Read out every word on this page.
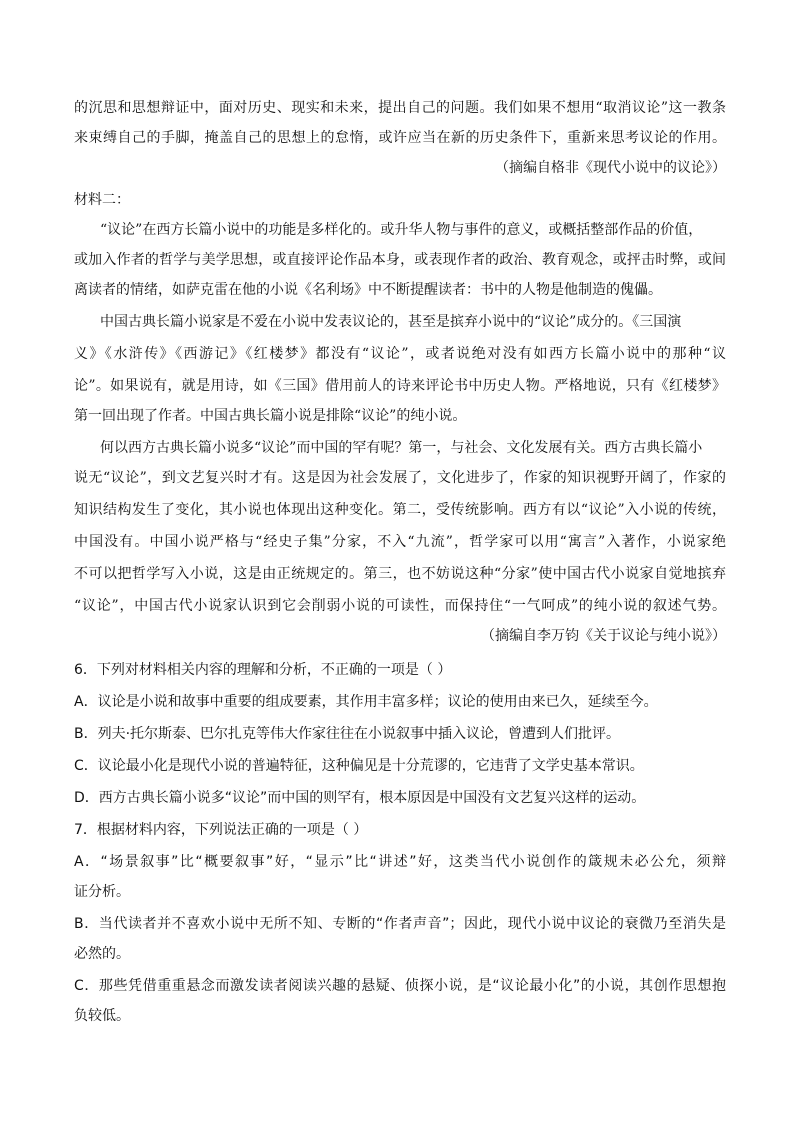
的沉思和思想辩证中，面对历史、现实和未来，提出自己的问题。我们如果不想用“取消议论”这一教条
来束缚自己的手脚，掩盖自己的思想上的怠惰，或许应当在新的历史条件下，重新来思考议论的作用。
（摘编自格非《现代小说中的议论》）
材料二：
“议论”在西方长篇小说中的功能是多样化的。或升华人物与事件的意义，或概括整部作品的价值，
或加入作者的哲学与美学思想，或直接评论作品本身，或表现作者的政治、教育观念，或抨击时弊，或间
离读者的情绪，如萨克雷在他的小说《名利场》中不断提醒读者：书中的人物是他制造的傀儡。
中国古典长篇小说家是不爱在小说中发表议论的，甚至是摈弃小说中的“议论”成分的。《三国演
义》《水浒传》《西游记》《红楼梦》都没有“议论”，或者说绝对没有如西方长篇小说中的那种“议
论”。如果说有，就是用诗，如《三国》借用前人的诗来评论书中历史人物。严格地说，只有《红楼梦》
第一回出现了作者。中国古典长篇小说是排除“议论”的纯小说。
何以西方古典长篇小说多“议论”而中国的罕有呢？第一，与社会、文化发展有关。西方古典长篇小
说无“议论”，到文艺复兴时才有。这是因为社会发展了，文化进步了，作家的知识视野开阔了，作家的
知识结构发生了变化，其小说也体现出这种变化。第二，受传统影响。西方有以“议论”入小说的传统，
中国没有。中国小说严格与“经史子集”分家，不入“九流”，哲学家可以用“寓言”入著作，小说家绝
不可以把哲学写入小说，这是由正统规定的。第三，也不妨说这种“分家”使中国古代小说家自觉地摈弃
“议论”，中国古代小说家认识到它会削弱小说的可读性，而保持住“一气呵成”的纯小说的叙述气势。
（摘编自李万钧《关于议论与纯小说》）
6．下列对材料相关内容的理解和分析，不正确的一项是（ ）
A．议论是小说和故事中重要的组成要素，其作用丰富多样；议论的使用由来已久，延续至今。
B．列夫·托尔斯泰、巴尔扎克等伟大作家往往在小说叙事中插入议论，曾遭到人们批评。
C．议论最小化是现代小说的普遍特征，这种偏见是十分荒谬的，它违背了文学史基本常识。
D．西方古典长篇小说多“议论”而中国的则罕有，根本原因是中国没有文艺复兴这样的运动。
7．根据材料内容，下列说法正确的一项是（ ）
A．“场景叙事”比“概要叙事”好，“显示”比“讲述”好，这类当代小说创作的箴规未必公允，须辩
证分析。
B．当代读者并不喜欢小说中无所不知、专断的“作者声音”；因此，现代小说中议论的衰微乃至消失是
必然的。
C．那些凭借重重悬念而激发读者阅读兴趣的悬疑、侦探小说，是“议论最小化”的小说，其创作思想抱
负较低。
